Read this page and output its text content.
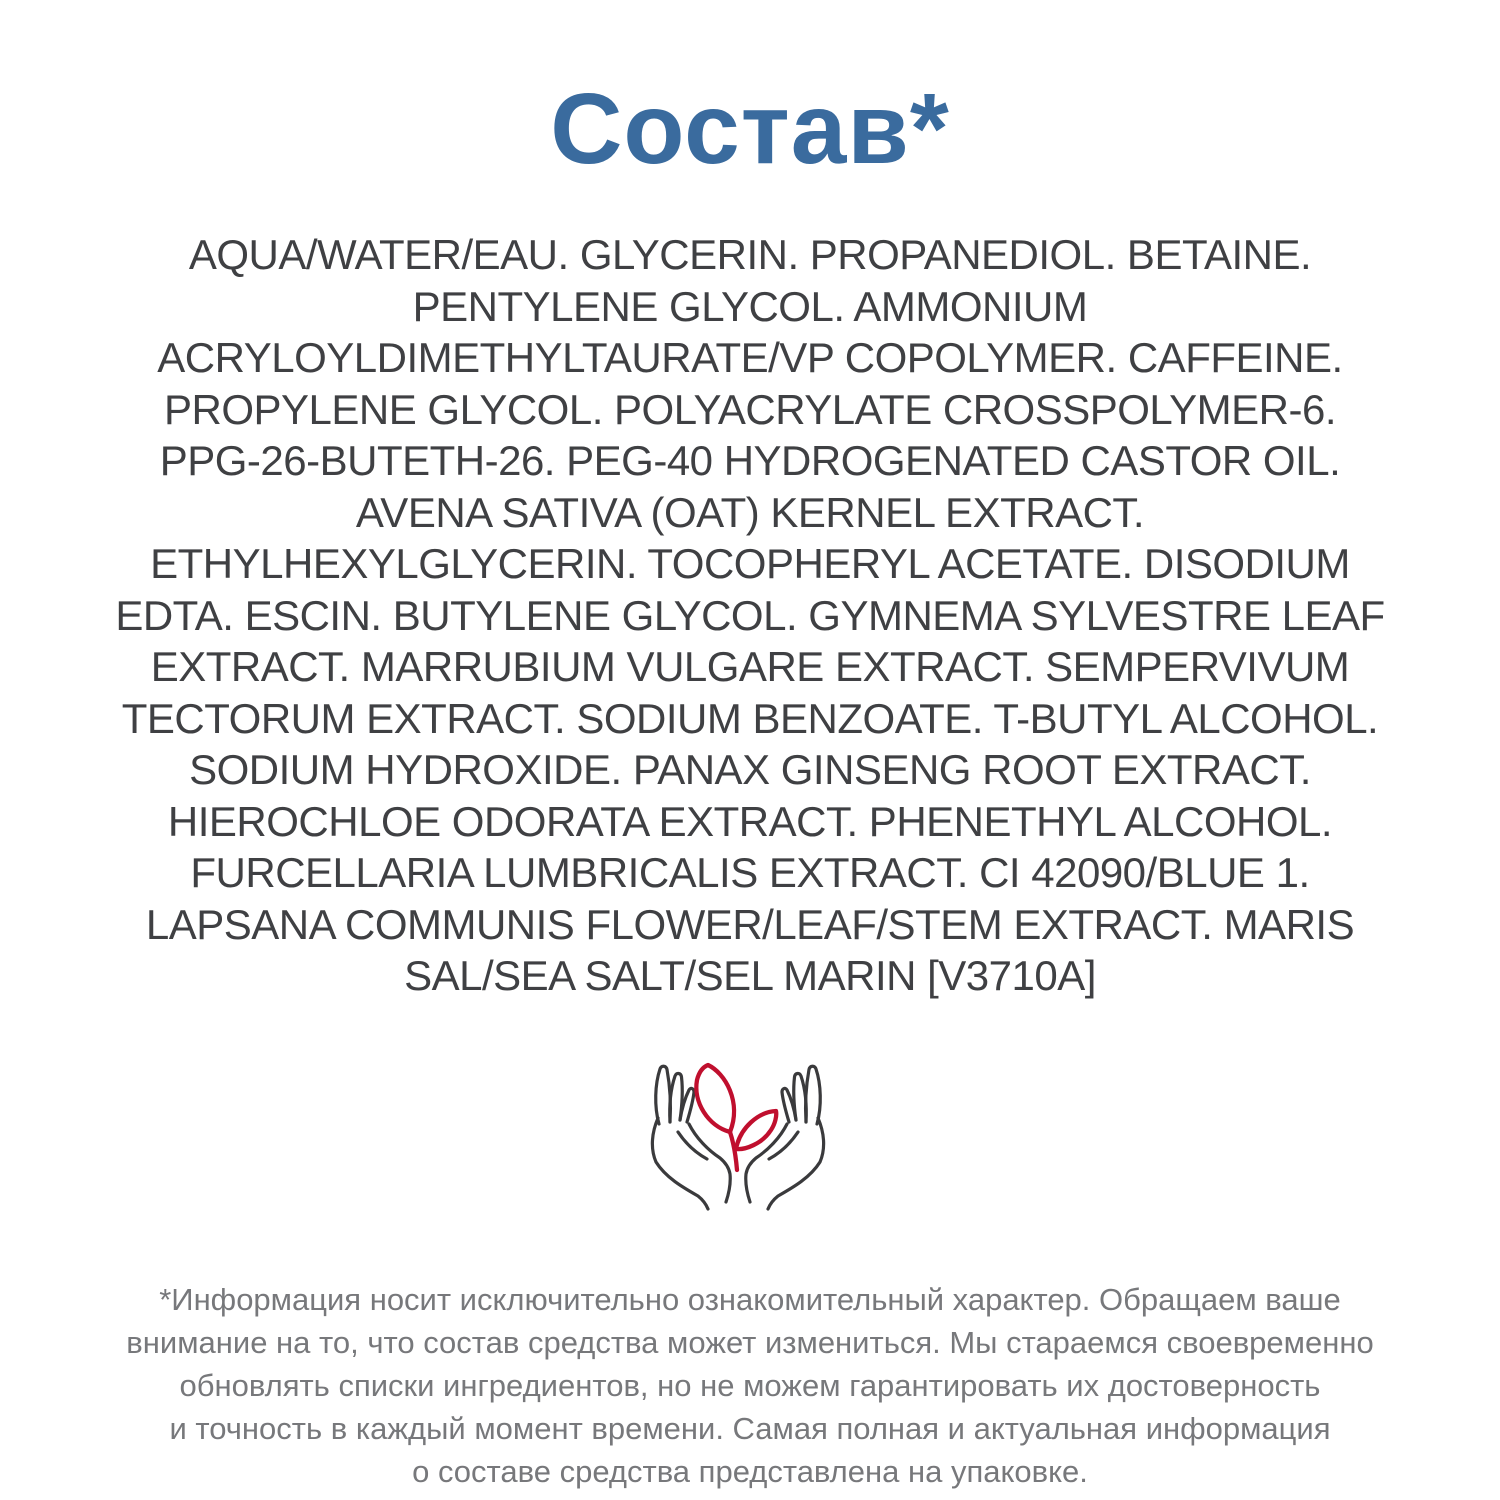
Состав*
AQUA/WATER/EAU. GLYCERIN. PROPANEDIOL. BETAINE.
PENTYLENE GLYCOL. AMMONIUM
ACRYLOYLDIMETHYLTAURATE/VP COPOLYMER. CAFFEINE.
PROPYLENE GLYCOL. POLYACRYLATE CROSSPOLYMER-6.
PPG-26-BUTETH-26. PEG-40 HYDROGENATED CASTOR OIL.
AVENA SATIVA (OAT) KERNEL EXTRACT.
ETHYLHEXYLGLYCERIN. TOCOPHERYL ACETATE. DISODIUM
EDTA. ESCIN. BUTYLENE GLYCOL. GYMNEMA SYLVESTRE LEAF
EXTRACT. MARRUBIUM VULGARE EXTRACT. SEMPERVIVUM
TECTORUM EXTRACT. SODIUM BENZOATE. T-BUTYL ALCOHOL.
SODIUM HYDROXIDE. PANAX GINSENG ROOT EXTRACT.
HIEROCHLOE ODORATA EXTRACT. PHENETHYL ALCOHOL.
FURCELLARIA LUMBRICALIS EXTRACT. CI 42090/BLUE 1.
LAPSANA COMMUNIS FLOWER/LEAF/STEM EXTRACT. MARIS
SAL/SEA SALT/SEL MARIN [V3710A]
*Информация носит исключительно ознакомительный характер. Обращаем ваше
внимание на то, что состав средства может измениться. Мы стараемся своевременно
обновлять списки ингредиентов, но не можем гарантировать их достоверность
и точность в каждый момент времени. Самая полная и актуальная информация
о составе средства представлена на упаковке.
